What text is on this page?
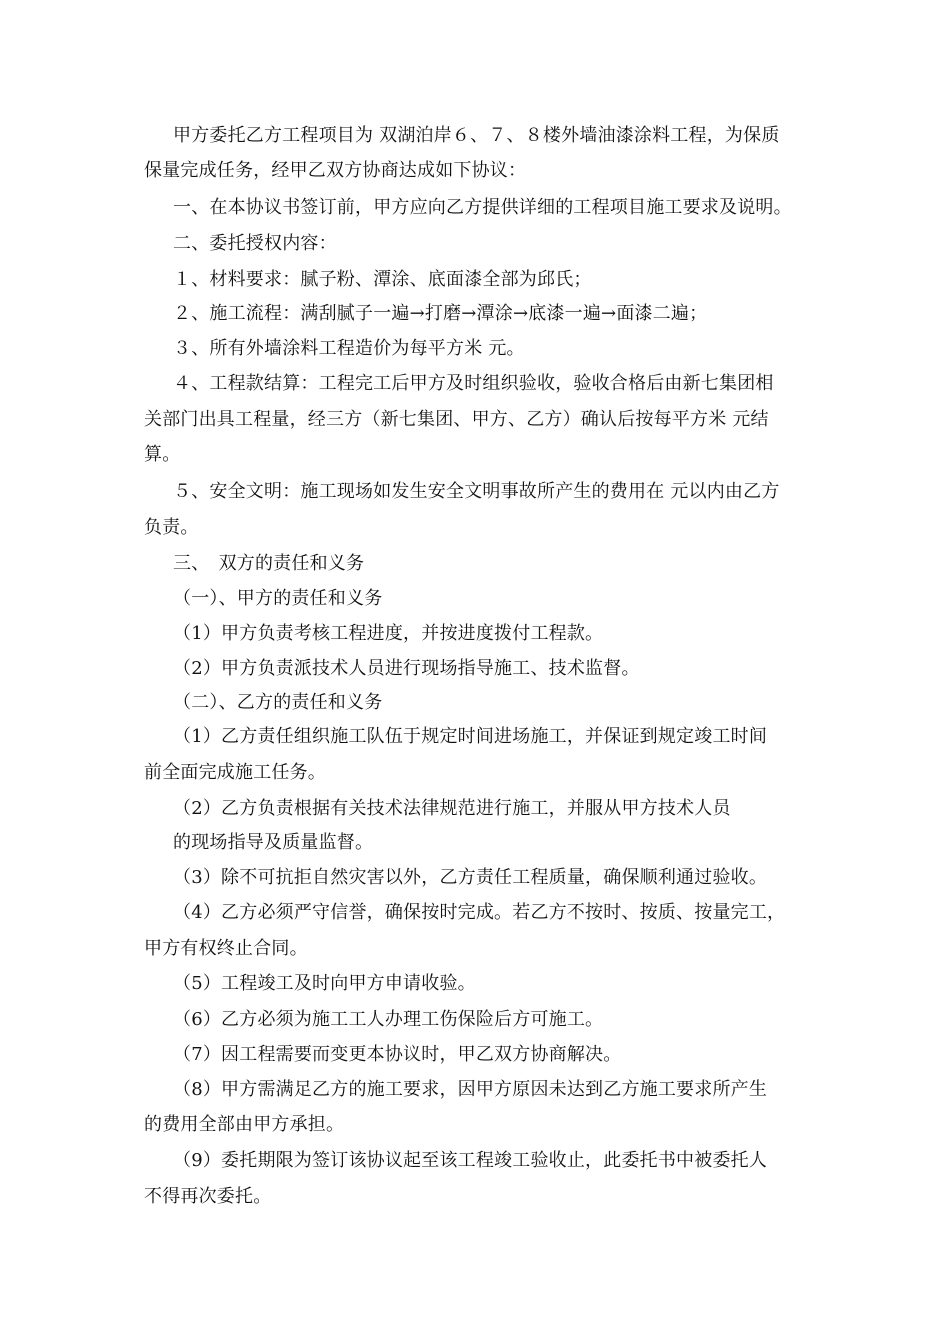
甲方委托乙方工程项目为 双湖泊岸６、７、８楼外墙油漆涂料工程，为保质
保量完成任务，经甲乙双方协商达成如下协议：
一、在本协议书签订前，甲方应向乙方提供详细的工程项目施工要求及说明。
二、委托授权内容：
１、材料要求：腻子粉、潭涂、底面漆全部为邱氏；
２、施工流程：满刮腻子一遍→打磨→潭涂→底漆一遍→面漆二遍；
３、所有外墙涂料工程造价为每平方米 元。
４、工程款结算：工程完工后甲方及时组织验收，验收合格后由新七集团相
关部门出具工程量，经三方（新七集团、甲方、乙方）确认后按每平方米 元结
算。
５、安全文明：施工现场如发生安全文明事故所产生的费用在 元以内由乙方
负责。
三、　双方的责任和义务
（一）、甲方的责任和义务
（1）甲方负责考核工程进度，并按进度拨付工程款。
（2）甲方负责派技术人员进行现场指导施工、技术监督。
（二）、乙方的责任和义务
（1）乙方责任组织施工队伍于规定时间进场施工，并保证到规定竣工时间
前全面完成施工任务。
（2）乙方负责根据有关技术法律规范进行施工，并服从甲方技术人员
的现场指导及质量监督。
（3）除不可抗拒自然灾害以外，乙方责任工程质量，确保顺利通过验收。
（4）乙方必须严守信誉，确保按时完成。若乙方不按时、按质、按量完工，
甲方有权终止合同。
（5）工程竣工及时向甲方申请收验。
（6）乙方必须为施工工人办理工伤保险后方可施工。
（7）因工程需要而变更本协议时，甲乙双方协商解决。
（8）甲方需满足乙方的施工要求，因甲方原因未达到乙方施工要求所产生
的费用全部由甲方承担。
（9）委托期限为签订该协议起至该工程竣工验收止，此委托书中被委托人
不得再次委托。
